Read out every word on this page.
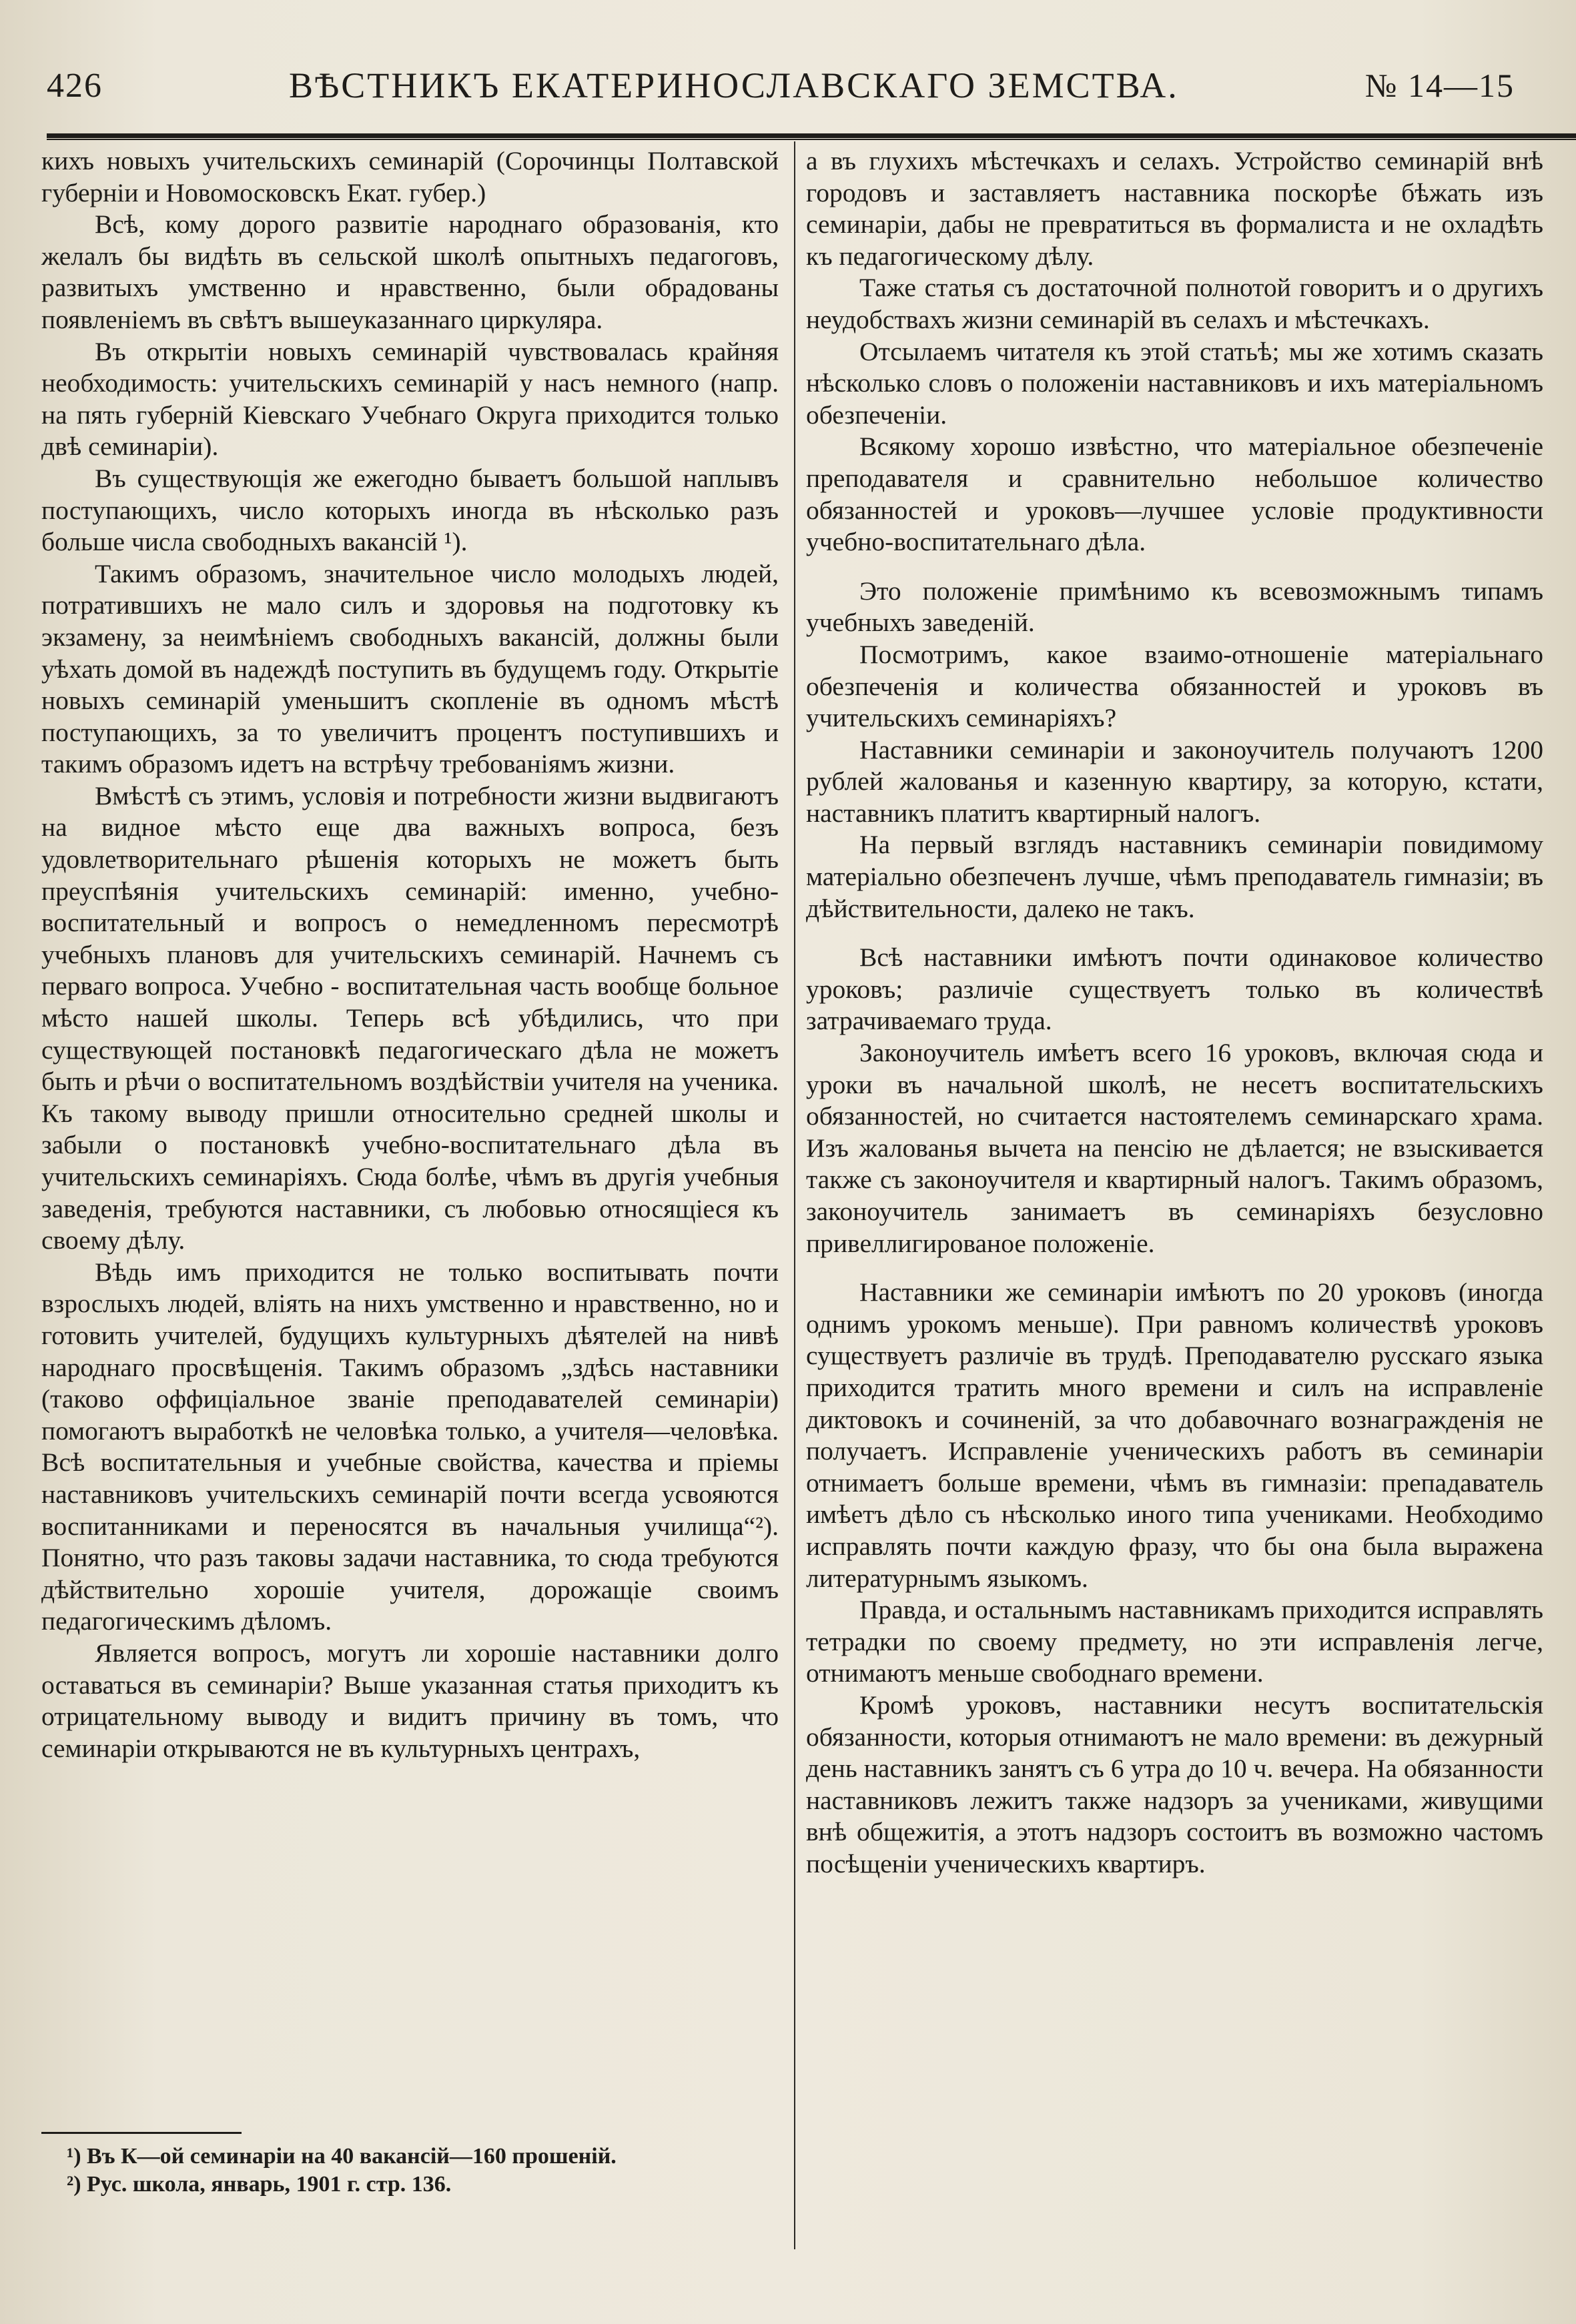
426	ВѢСТНИКЪ ЕКАТЕРИНОСЛАВСКАГО ЗЕМСТВА.	№ 14—15

кихъ новыхъ учительскихъ семинарій (Сорочинцы Полтавской губерніи и Новомосковскъ Екат. губер.)

Всѣ, кому дорого развитіе народнаго образованія, кто желалъ бы видѣть въ сельской школѣ опытныхъ педагоговъ, развитыхъ умственно и нравственно, были обрадованы появленіемъ въ свѣтъ вышеуказаннаго циркуляра.

Въ открытіи новыхъ семинарій чувствовалась крайняя необходимость: учительскихъ семинарій у насъ немного (напр. на пять губерній Кіевскаго Учебнаго Округа приходится только двѣ семинаріи).

Въ существующія же ежегодно бываетъ большой наплывъ поступающихъ, число которыхъ иногда въ нѣсколько разъ больше числа свободныхъ вакансій ¹).

Такимъ образомъ, значительное число молодыхъ людей, потратившихъ не мало силъ и здоровья на подготовку къ экзамену, за неимѣніемъ свободныхъ вакансій, должны были уѣхать домой въ надеждѣ поступить въ будущемъ году. Открытіе новыхъ семинарій уменьшитъ скопленіе въ одномъ мѣстѣ поступающихъ, за то увеличитъ процентъ поступившихъ и такимъ образомъ идетъ на встрѣчу требованіямъ жизни.

Вмѣстѣ съ этимъ, условія и потребности жизни выдвигаютъ на видное мѣсто еще два важныхъ вопроса, безъ удовлетворительнаго рѣшенія которыхъ не можетъ быть преуспѣянія учительскихъ семинарій: именно, учебно-воспитательный и вопросъ о немедленномъ пересмотрѣ учебныхъ плановъ для учительскихъ семинарій. Начнемъ съ перваго вопроса. Учебно - воспитательная часть вообще больное мѣсто нашей школы. Теперь всѣ убѣдились, что при существующей постановкѣ педагогическаго дѣла не можетъ быть и рѣчи о воспитательномъ воздѣйствіи учителя на ученика. Къ такому выводу пришли относительно средней школы и забыли о постановкѣ учебно-воспитательнаго дѣла въ учительскихъ семинаріяхъ. Сюда болѣе, чѣмъ въ другія учебныя заведенія, требуются наставники, съ любовью относящіеся къ своему дѣлу.

Вѣдь имъ приходится не только воспитывать почти взрослыхъ людей, вліять на нихъ умственно и нравственно, но и готовить учителей, будущихъ культурныхъ дѣятелей на нивѣ народнаго просвѣщенія. Такимъ образомъ „здѣсь наставники (таково оффиціальное званіе преподавателей семинаріи) помогаютъ выработкѣ не человѣка только, а учителя—человѣка. Всѣ воспитательныя и учебные свойства, качества и пріемы наставниковъ учительскихъ семинарій почти всегда усвояются воспитанниками и переносятся въ начальныя училища“²). Понятно, что разъ таковы задачи наставника, то сюда требуются дѣйствительно хорошіе учителя, дорожащіе своимъ педагогическимъ дѣломъ.

Является вопросъ, могутъ ли хорошіе наставники долго оставаться въ семинаріи? Выше указанная статья приходитъ къ отрицательному выводу и видитъ причину въ томъ, что семинаріи открываются не въ культурныхъ центрахъ,

а въ глухихъ мѣстечкахъ и селахъ. Устройство семинарій внѣ городовъ и заставляетъ наставника поскорѣе бѣжать изъ семинаріи, дабы не превратиться въ формалиста и не охладѣть къ педагогическому дѣлу.

Таже статья съ достаточной полнотой говоритъ и о другихъ неудобствахъ жизни семинарій въ селахъ и мѣстечкахъ.

Отсылаемъ читателя къ этой статьѣ; мы же хотимъ сказать нѣсколько словъ о положеніи наставниковъ и ихъ матеріальномъ обезпеченіи.

Всякому хорошо извѣстно, что матеріальное обезпеченіе преподавателя и сравнительно небольшое количество обязанностей и уроковъ—лучшее условіе продуктивности учебно-воспитательнаго дѣла.

Это положеніе примѣнимо къ всевозможнымъ типамъ учебныхъ заведеній.

Посмотримъ, какое взаимо-отношеніе матеріальнаго обезпеченія и количества обязанностей и уроковъ въ учительскихъ семинаріяхъ?

Наставники семинаріи и законоучитель получаютъ 1200 рублей жалованья и казенную квартиру, за которую, кстати, наставникъ платитъ квартирный налогъ.

На первый взглядъ наставникъ семинаріи повидимому матеріально обезпеченъ лучше, чѣмъ преподаватель гимназіи; въ дѣйствительности, далеко не такъ.

Всѣ наставники имѣютъ почти одинаковое количество уроковъ; различіе существуетъ только въ количествѣ затрачиваемаго труда.

Законоучитель имѣетъ всего 16 уроковъ, включая сюда и уроки въ начальной школѣ, не несетъ воспитательскихъ обязанностей, но считается настоятелемъ семинарскаго храма. Изъ жалованья вычета на пенсію не дѣлается; не взыскивается также съ законоучителя и квартирный налогъ. Такимъ образомъ, законоучитель занимаетъ въ семинаріяхъ безусловно привеллигированое положеніе.

Наставники же семинаріи имѣютъ по 20 уроковъ (иногда однимъ урокомъ меньше). При равномъ количествѣ уроковъ существуетъ различіе въ трудѣ. Преподавателю русскаго языка приходится тратить много времени и силъ на исправленіе диктовокъ и сочиненій, за что добавочнаго вознагражденія не получаетъ. Исправленіе ученическихъ работъ въ семинаріи отнимаетъ больше времени, чѣмъ въ гимназіи: препадаватель имѣетъ дѣло съ нѣсколько иного типа учениками. Необходимо исправлять почти каждую фразу, что бы она была выражена литературнымъ языкомъ.

Правда, и остальнымъ наставникамъ приходится исправлять тетрадки по своему предмету, но эти исправленія легче, отнимаютъ меньше свободнаго времени.

Кромѣ уроковъ, наставники несутъ воспитательскія обязанности, которыя отнимаютъ не мало времени: въ дежурный день наставникъ занятъ съ 6 утра до 10 ч. вечера. На обязанности наставниковъ лежитъ также надзоръ за учениками, живущими внѣ общежитія, а этотъ надзоръ состоитъ въ возможно частомъ посѣщеніи ученическихъ квартиръ.

¹) Въ К—ой семинаріи на 40 вакансій—160 прошеній.
²) Рус. школа, январь, 1901 г. стр. 136.
